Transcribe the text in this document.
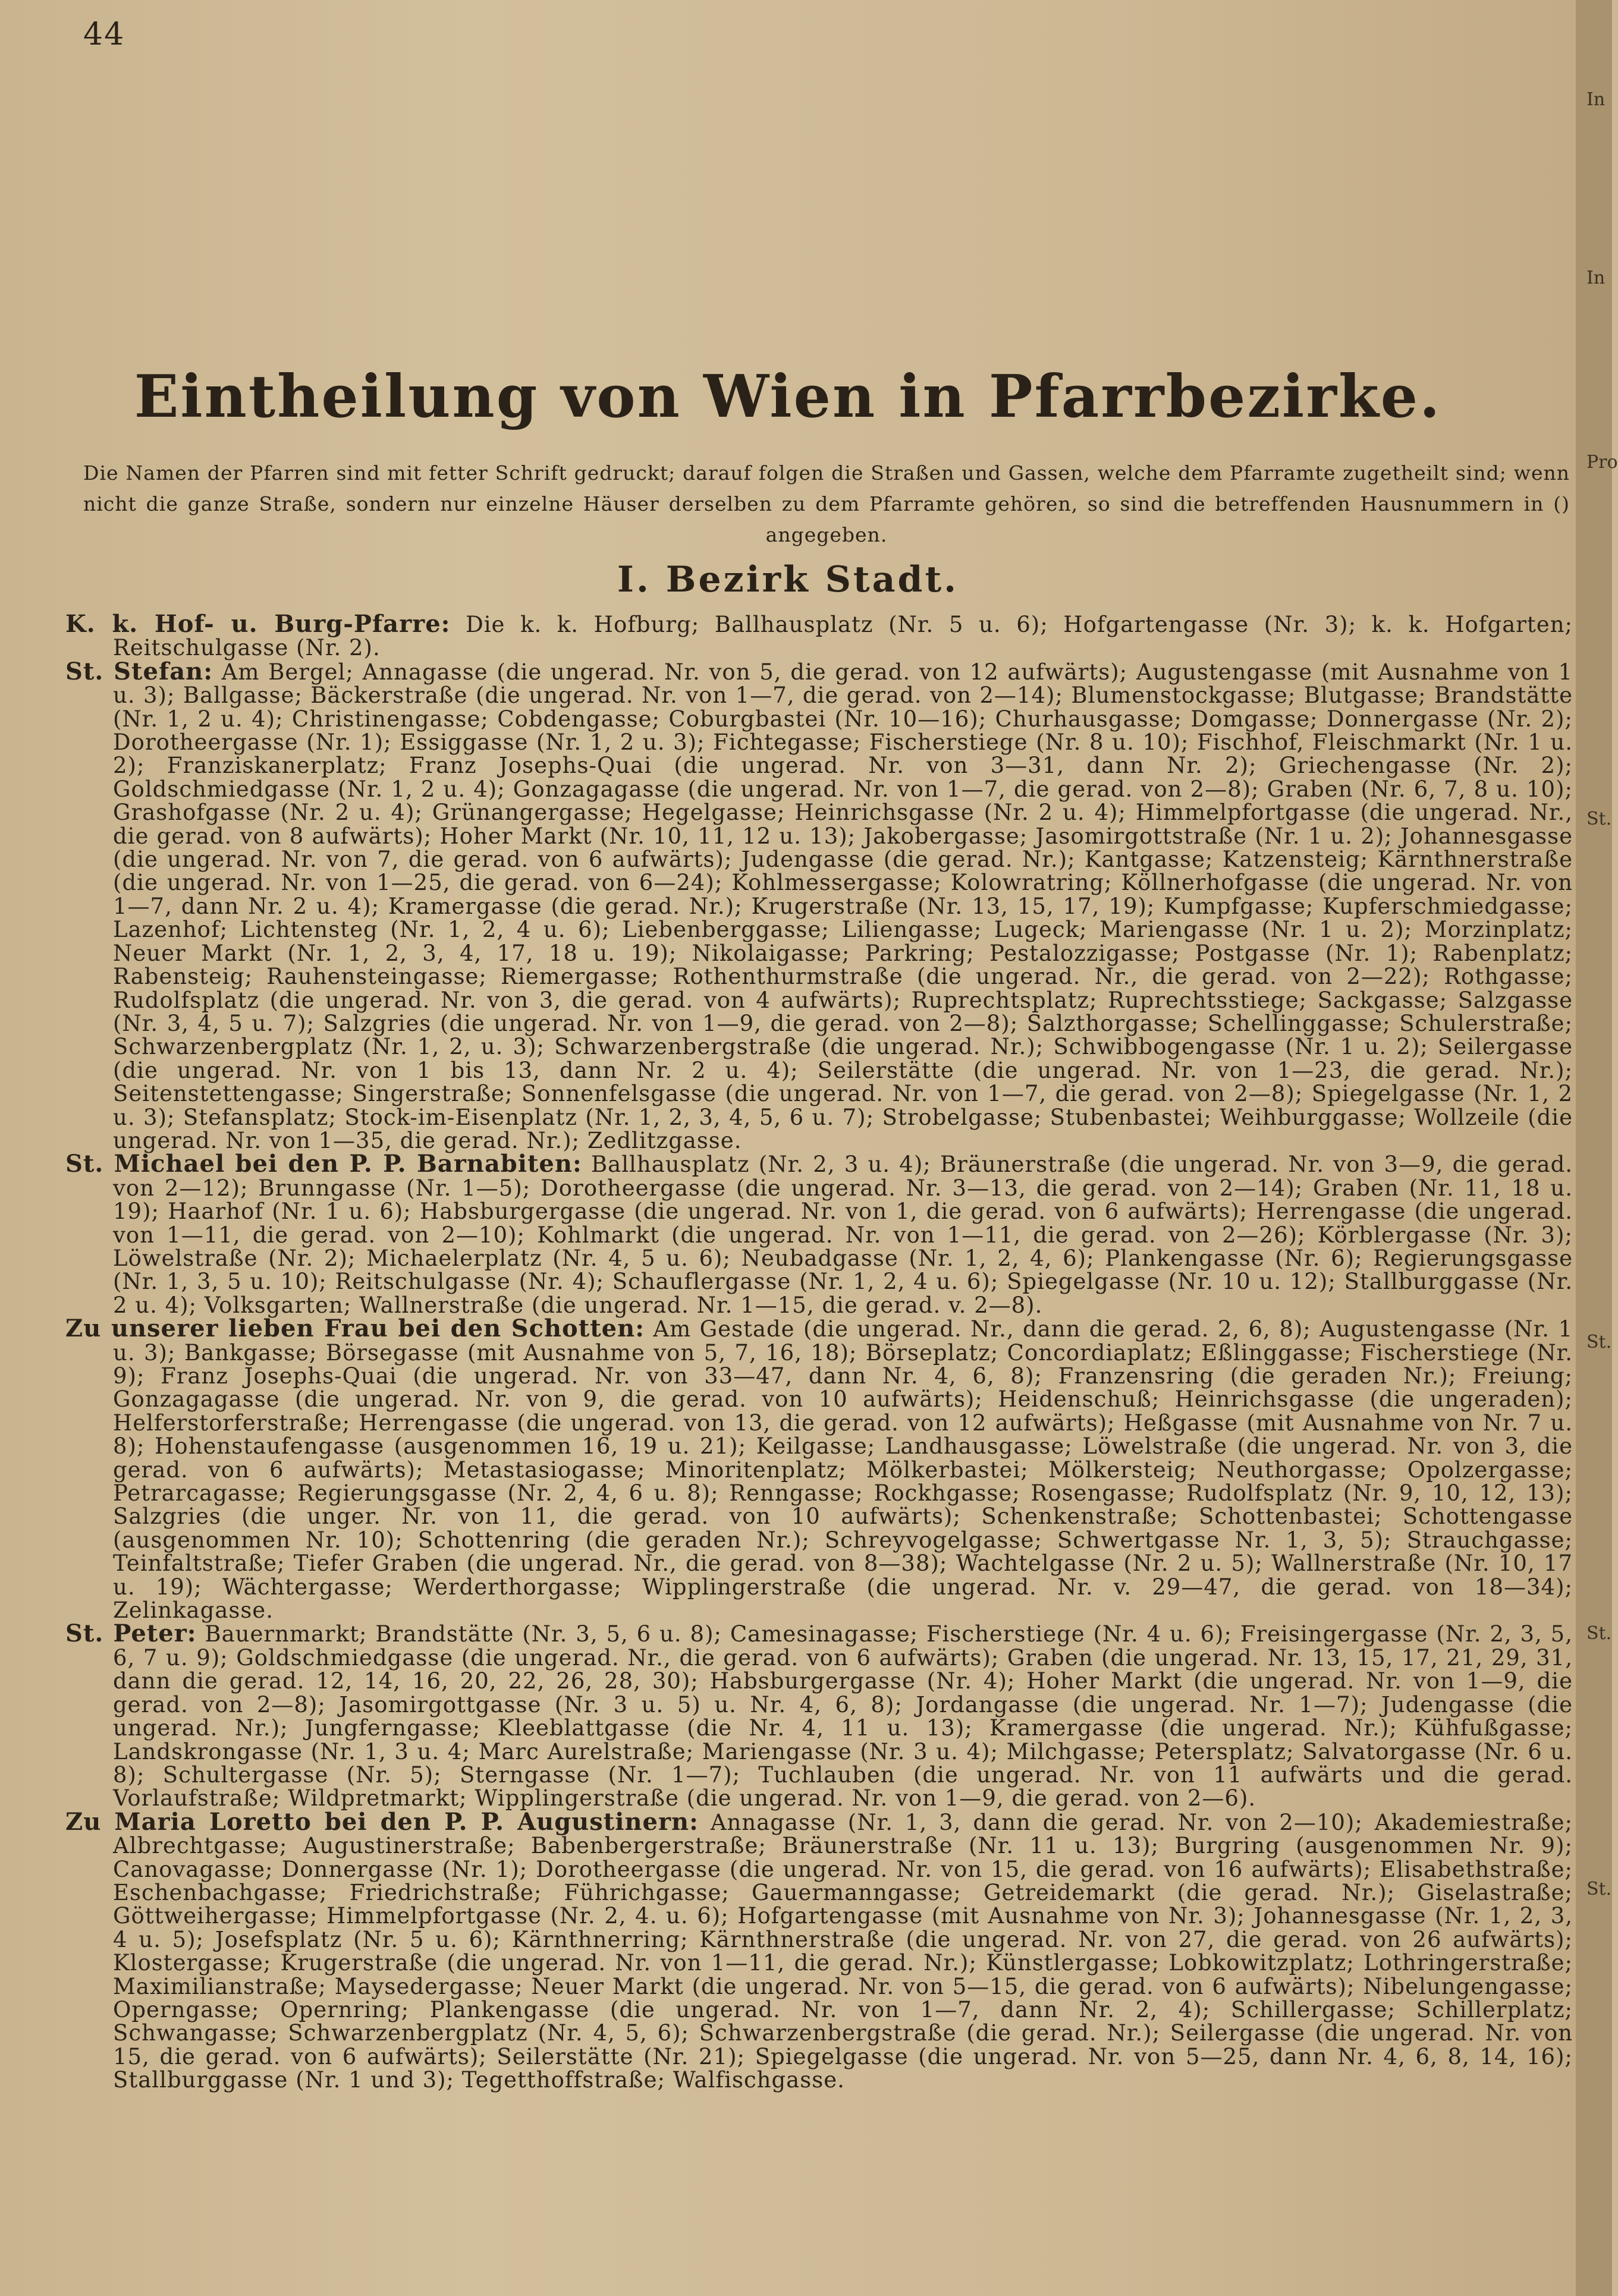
44
Eintheilung von Wien in Pfarrbezirke.
Die Namen der Pfarren sind mit fetter Schrift gedruckt; darauf folgen die Straßen und Gassen, welche dem Pfarramte zugetheilt sind; wenn nicht die ganze Straße, sondern nur einzelne Häuser derselben zu dem Pfarramte gehören, so sind die betreffenden Hausnummern in () angegeben.
I. Bezirk Stadt.

K. k. Hof- u. Burg-Pfarre: Die k. k. Hofburg; Ballhausplatz (Nr. 5 u. 6); Hofgartengasse (Nr. 3); k. k. Hofgarten; Reitschulgasse (Nr. 2).

St. Stefan: Am Bergel; Annagasse (die ungerad. Nr. von 5, die gerad. von 12 aufwärts); Augustengasse (mit Ausnahme von 1 u. 3); Ballgasse; Bäckerstraße (die ungerad. Nr. von 1—7, die gerad. von 2—14); Blumenstockgasse; Blutgasse; Brandstätte (Nr. 1, 2 u. 4); Christinengasse; Cobdengasse; Coburgbastei (Nr. 10—16); Churhausgasse; Domgasse; Donnergasse (Nr. 2); Dorotheergasse (Nr. 1); Essiggasse (Nr. 1, 2 u. 3); Fichtegasse; Fischerstiege (Nr. 8 u. 10); Fischhof, Fleischmarkt (Nr. 1 u. 2); Franziskanerplatz; Franz Josephs-Quai (die ungerad. Nr. von 3—31, dann Nr. 2); Griechengasse (Nr. 2); Goldschmiedgasse (Nr. 1, 2 u. 4); Gonzagagasse (die ungerad. Nr. von 1—7, die gerad. von 2—8); Graben (Nr. 6, 7, 8 u. 10); Grashofgasse (Nr. 2 u. 4); Grünangergasse; Hegelgasse; Heinrichsgasse (Nr. 2 u. 4); Himmelpfortgasse (die ungerad. Nr., die gerad. von 8 aufwärts); Hoher Markt (Nr. 10, 11, 12 u. 13); Jakobergasse; Jasomirgottstraße (Nr. 1 u. 2); Johannesgasse (die ungerad. Nr. von 7, die gerad. von 6 aufwärts); Judengasse (die gerad. Nr.); Kantgasse; Katzensteig; Kärnthnerstraße (die ungerad. Nr. von 1—25, die gerad. von 6—24); Kohlmessergasse; Kolowratring; Köllnerhofgasse (die ungerad. Nr. von 1—7, dann Nr. 2 u. 4); Kramergasse (die gerad. Nr.); Krugerstraße (Nr. 13, 15, 17, 19); Kumpfgasse; Kupferschmiedgasse; Lazenhof; Lichtensteg (Nr. 1, 2, 4 u. 6); Liebenberggasse; Liliengasse; Lugeck; Mariengasse (Nr. 1 u. 2); Morzinplatz; Neuer Markt (Nr. 1, 2, 3, 4, 17, 18 u. 19); Nikolaigasse; Parkring; Pestalozzigasse; Postgasse (Nr. 1); Rabenplatz; Rabensteig; Rauhensteingasse; Riemergasse; Rothenthurmstraße (die ungerad. Nr., die gerad. von 2—22); Rothgasse; Rudolfsplatz (die ungerad. Nr. von 3, die gerad. von 4 aufwärts); Ruprechtsplatz; Ruprechtsstiege; Sackgasse; Salzgasse (Nr. 3, 4, 5 u. 7); Salzgries (die ungerad. Nr. von 1—9, die gerad. von 2—8); Salzthorgasse; Schellinggasse; Schulerstraße; Schwarzenbergplatz (Nr. 1, 2, u. 3); Schwarzenbergstraße (die ungerad. Nr.); Schwibbogengasse (Nr. 1 u. 2); Seilergasse (die ungerad. Nr. von 1 bis 13, dann Nr. 2 u. 4); Seilerstätte (die ungerad. Nr. von 1—23, die gerad. Nr.); Seitenstettengasse; Singerstraße; Sonnenfelsgasse (die ungerad. Nr. von 1—7, die gerad. von 2—8); Spiegelgasse (Nr. 1, 2 u. 3); Stefansplatz; Stock-im-Eisenplatz (Nr. 1, 2, 3, 4, 5, 6 u. 7); Strobelgasse; Stubenbastei; Weihburggasse; Wollzeile (die ungerad. Nr. von 1—35, die gerad. Nr.); Zedlitzgasse.

St. Michael bei den P. P. Barnabiten: Ballhausplatz (Nr. 2, 3 u. 4); Bräunerstraße (die ungerad. Nr. von 3—9, die gerad. von 2—12); Brunngasse (Nr. 1—5); Dorotheergasse (die ungerad. Nr. 3—13, die gerad. von 2—14); Graben (Nr. 11, 18 u. 19); Haarhof (Nr. 1 u. 6); Habsburgergasse (die ungerad. Nr. von 1, die gerad. von 6 aufwärts); Herrengasse (die ungerad. von 1—11, die gerad. von 2—10); Kohlmarkt (die ungerad. Nr. von 1—11, die gerad. von 2—26); Körblergasse (Nr. 3); Löwelstraße (Nr. 2); Michaelerplatz (Nr. 4, 5 u. 6); Neubadgasse (Nr. 1, 2, 4, 6); Plankengasse (Nr. 6); Regierungsgasse (Nr. 1, 3, 5 u. 10); Reitschulgasse (Nr. 4); Schauflergasse (Nr. 1, 2, 4 u. 6); Spiegelgasse (Nr. 10 u. 12); Stallburggasse (Nr. 2 u. 4); Volksgarten; Wallnerstraße (die ungerad. Nr. 1—15, die gerad. v. 2—8).

Zu unserer lieben Frau bei den Schotten: Am Gestade (die ungerad. Nr., dann die gerad. 2, 6, 8); Augustengasse (Nr. 1 u. 3); Bankgasse; Börsegasse (mit Ausnahme von 5, 7, 16, 18); Börseplatz; Concordiaplatz; Eßlinggasse; Fischerstiege (Nr. 9); Franz Josephs-Quai (die ungerad. Nr. von 33—47, dann Nr. 4, 6, 8); Franzensring (die geraden Nr.); Freiung; Gonzagagasse (die ungerad. Nr. von 9, die gerad. von 10 aufwärts); Heidenschuß; Heinrichsgasse (die ungeraden); Helferstorferstraße; Herrengasse (die ungerad. von 13, die gerad. von 12 aufwärts); Heßgasse (mit Ausnahme von Nr. 7 u. 8); Hohenstaufengasse (ausgenommen 16, 19 u. 21); Keilgasse; Landhausgasse; Löwelstraße (die ungerad. Nr. von 3, die gerad. von 6 aufwärts); Metastasiogasse; Minoritenplatz; Mölkerbastei; Mölkersteig; Neuthorgasse; Opolzergasse; Petrarcagasse; Regierungsgasse (Nr. 2, 4, 6 u. 8); Renngasse; Rockhgasse; Rosengasse; Rudolfsplatz (Nr. 9, 10, 12, 13); Salzgries (die unger. Nr. von 11, die gerad. von 10 aufwärts); Schenkenstraße; Schottenbastei; Schottengasse (ausgenommen Nr. 10); Schottenring (die geraden Nr.); Schreyvogelgasse; Schwertgasse Nr. 1, 3, 5); Strauchgasse; Teinfaltstraße; Tiefer Graben (die ungerad. Nr., die gerad. von 8—38); Wachtelgasse (Nr. 2 u. 5); Wallnerstraße (Nr. 10, 17 u. 19); Wächtergasse; Werderthorgasse; Wipplingerstraße (die ungerad. Nr. v. 29—47, die gerad. von 18—34); Zelinkagasse.

St. Peter: Bauernmarkt; Brandstätte (Nr. 3, 5, 6 u. 8); Camesinagasse; Fischerstiege (Nr. 4 u. 6); Freisingergasse (Nr. 2, 3, 5, 6, 7 u. 9); Goldschmiedgasse (die ungerad. Nr., die gerad. von 6 aufwärts); Graben (die ungerad. Nr. 13, 15, 17, 21, 29, 31, dann die gerad. 12, 14, 16, 20, 22, 26, 28, 30); Habsburgergasse (Nr. 4); Hoher Markt (die ungerad. Nr. von 1—9, die gerad. von 2—8); Jasomirgottgasse (Nr. 3 u. 5) u. Nr. 4, 6, 8); Jordangasse (die ungerad. Nr. 1—7); Judengasse (die ungerad. Nr.); Jungferngasse; Kleeblattgasse (die Nr. 4, 11 u. 13); Kramergasse (die ungerad. Nr.); Kühfußgasse; Landskrongasse (Nr. 1, 3 u. 4; Marc Aurelstraße; Mariengasse (Nr. 3 u. 4); Milchgasse; Petersplatz; Salvatorgasse (Nr. 6 u. 8); Schultergasse (Nr. 5); Sterngasse (Nr. 1—7); Tuchlauben (die ungerad. Nr. von 11 aufwärts und die gerad. Vorlaufstraße; Wildpretmarkt; Wipplingerstraße (die ungerad. Nr. von 1—9, die gerad. von 2—6).

Zu Maria Loretto bei den P. P. Augustinern: Annagasse (Nr. 1, 3, dann die gerad. Nr. von 2—10); Akademiestraße; Albrechtgasse; Augustinerstraße; Babenbergerstraße; Bräunerstraße (Nr. 11 u. 13); Burgring (ausgenommen Nr. 9); Canovagasse; Donnergasse (Nr. 1); Dorotheergasse (die ungerad. Nr. von 15, die gerad. von 16 aufwärts); Elisabethstraße; Eschenbachgasse; Friedrichstraße; Führichgasse; Gauermanngasse; Getreidemarkt (die gerad. Nr.); Giselastraße; Göttweihergasse; Himmelpfortgasse (Nr. 2, 4. u. 6); Hofgartengasse (mit Ausnahme von Nr. 3); Johannesgasse (Nr. 1, 2, 3, 4 u. 5); Josefsplatz (Nr. 5 u. 6); Kärnthnerring; Kärnthnerstraße (die ungerad. Nr. von 27, die gerad. von 26 aufwärts); Klostergasse; Krugerstraße (die ungerad. Nr. von 1—11, die gerad. Nr.); Künstlergasse; Lobkowitzplatz; Lothringerstraße; Maximilianstraße; Maysedergasse; Neuer Markt (die ungerad. Nr. von 5—15, die gerad. von 6 aufwärts); Nibelungengasse; Operngasse; Opernring; Plankengasse (die ungerad. Nr. von 1—7, dann Nr. 2, 4); Schillergasse; Schillerplatz; Schwangasse; Schwarzenbergplatz (Nr. 4, 5, 6); Schwarzenbergstraße (die gerad. Nr.); Seilergasse (die ungerad. Nr. von 15, die gerad. von 6 aufwärts); Seilerstätte (Nr. 21); Spiegelgasse (die ungerad. Nr. von 5—25, dann Nr. 4, 6, 8, 14, 16); Stallburggasse (Nr. 1 und 3); Tegetthoffstraße; Walfischgasse.

In
In
Pro
St.
St.
St.
St.
